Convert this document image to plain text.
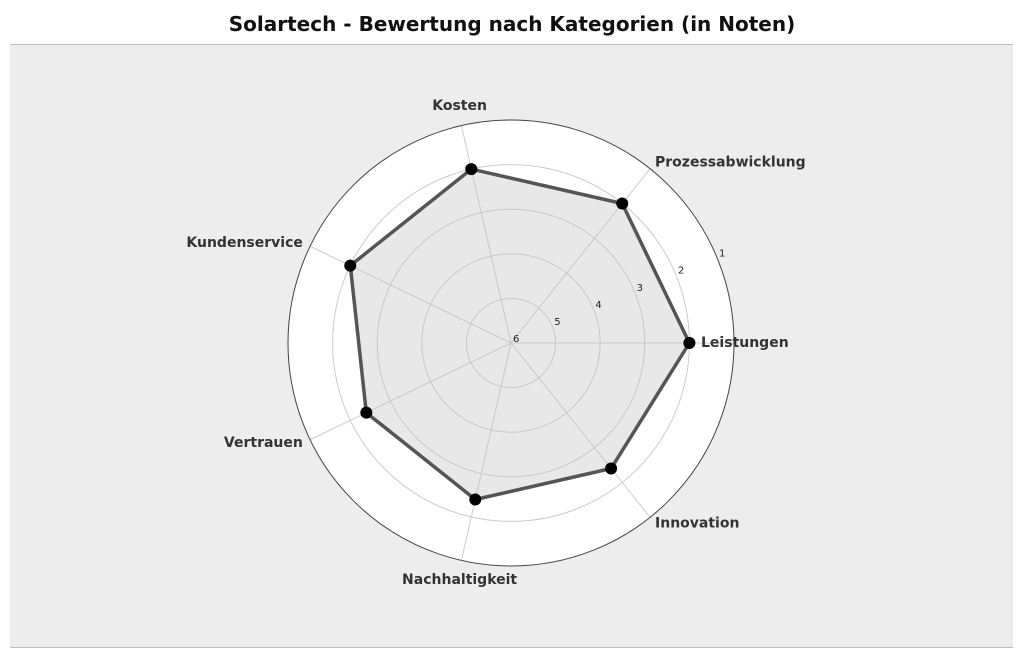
Solartech - Bewertung nach Kategorien (in Noten)
6
5
4
3
2
1
Leistungen
Prozessabwicklung
Kosten
Kundenservice
Vertrauen
Nachhaltigkeit
Innovation
